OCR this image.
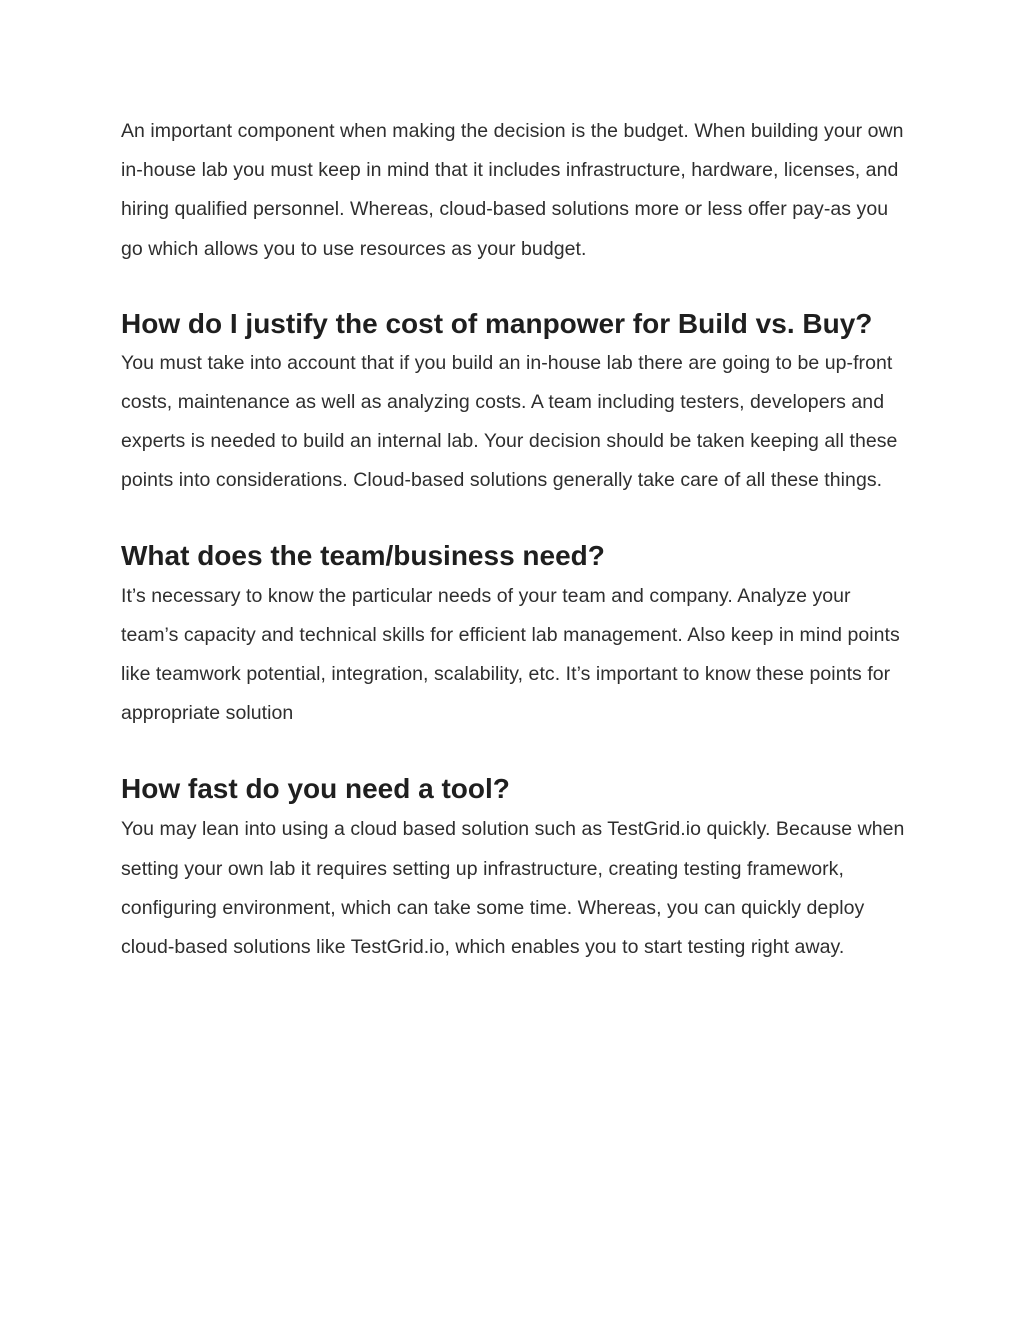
An important component when making the decision is the budget. When building your own in-house lab you must keep in mind that it includes infrastructure, hardware, licenses, and hiring qualified personnel. Whereas, cloud-based solutions more or less offer pay-as you go which allows you to use resources as your budget.

How do I justify the cost of manpower for Build vs. Buy?

You must take into account that if you build an in-house lab there are going to be up-front costs, maintenance as well as analyzing costs. A team including testers, developers and experts is needed to build an internal lab. Your decision should be taken keeping all these points into considerations. Cloud-based solutions generally take care of all these things.

What does the team/business need?

It’s necessary to know the particular needs of your team and company. Analyze your team’s capacity and technical skills for efficient lab management. Also keep in mind points like teamwork potential, integration, scalability, etc. It’s important to know these points for appropriate solution

How fast do you need a tool?

You may lean into using a cloud based solution such as TestGrid.io quickly. Because when setting your own lab it requires setting up infrastructure, creating testing framework, configuring environment, which can take some time. Whereas, you can quickly deploy cloud-based solutions like TestGrid.io, which enables you to start testing right away.
